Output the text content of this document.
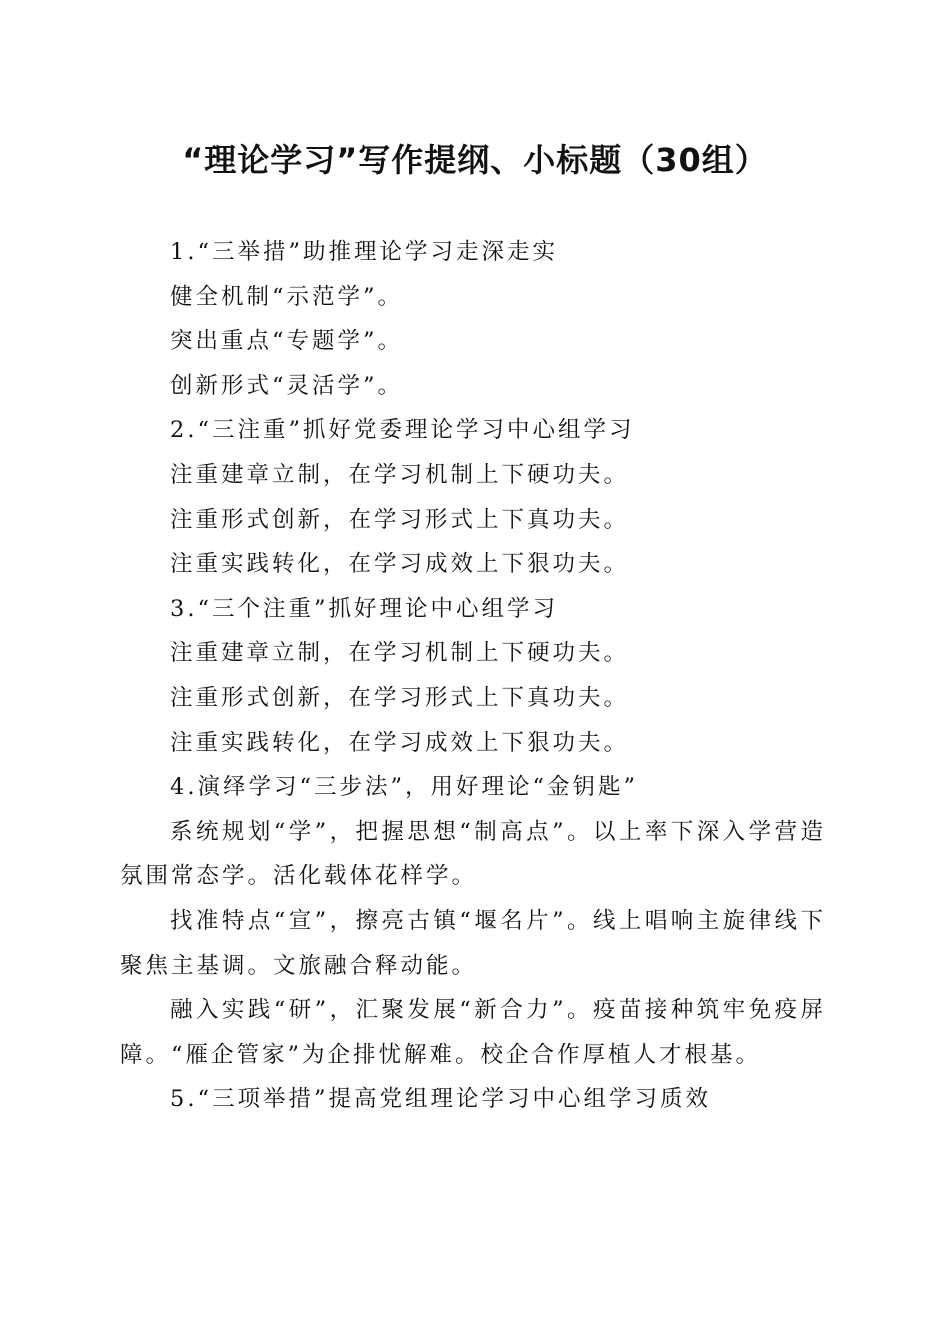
“理论学习”写作提纲、小标题（30组）
1.“三举措”助推理论学习走深走实
健全机制“示范学”。
突出重点“专题学”。
创新形式“灵活学”。
2.“三注重”抓好党委理论学习中心组学习
注重建章立制，在学习机制上下硬功夫。
注重形式创新，在学习形式上下真功夫。
注重实践转化，在学习成效上下狠功夫。
3.“三个注重”抓好理论中心组学习
注重建章立制，在学习机制上下硬功夫。
注重形式创新，在学习形式上下真功夫。
注重实践转化，在学习成效上下狠功夫。
4.演绎学习“三步法”，用好理论“金钥匙”
系统规划“学”，把握思想“制高点”。以上率下深入学营造氛围常态学。活化载体花样学。
找准特点“宣”，擦亮古镇“堰名片”。线上唱响主旋律线下聚焦主基调。文旅融合释动能。
融入实践“研”，汇聚发展“新合力”。疫苗接种筑牢免疫屏障。“雁企管家”为企排忧解难。校企合作厚植人才根基。
5.“三项举措”提高党组理论学习中心组学习质效
